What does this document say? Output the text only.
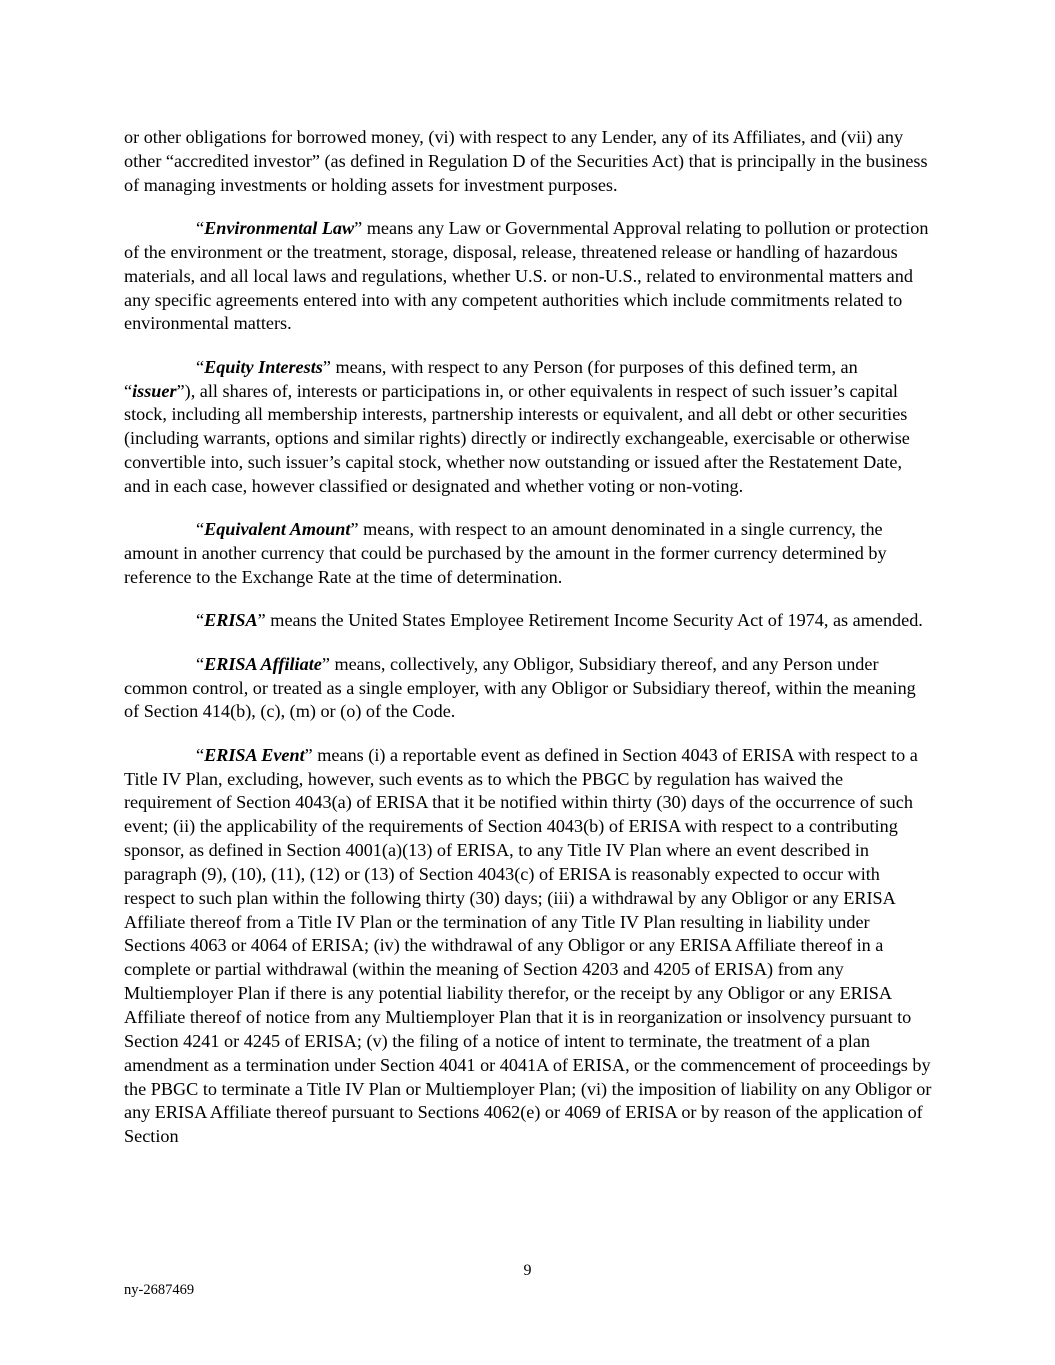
or other obligations for borrowed money, (vi) with respect to any Lender, any of its Affiliates, and (vii) any other “accredited investor” (as defined in Regulation D of the Securities Act) that is principally in the business of managing investments or holding assets for investment purposes.

“Environmental Law” means any Law or Governmental Approval relating to pollution or protection of the environment or the treatment, storage, disposal, release, threatened release or handling of hazardous materials, and all local laws and regulations, whether U.S. or non-U.S., related to environmental matters and any specific agreements entered into with any competent authorities which include commitments related to environmental matters.

“Equity Interests” means, with respect to any Person (for purposes of this defined term, an “issuer”), all shares of, interests or participations in, or other equivalents in respect of such issuer’s capital stock, including all membership interests, partnership interests or equivalent, and all debt or other securities (including warrants, options and similar rights) directly or indirectly exchangeable, exercisable or otherwise convertible into, such issuer’s capital stock, whether now outstanding or issued after the Restatement Date, and in each case, however classified or designated and whether voting or non-voting.

“Equivalent Amount” means, with respect to an amount denominated in a single currency, the amount in another currency that could be purchased by the amount in the former currency determined by reference to the Exchange Rate at the time of determination.

“ERISA” means the United States Employee Retirement Income Security Act of 1974, as amended.

“ERISA Affiliate” means, collectively, any Obligor, Subsidiary thereof, and any Person under common control, or treated as a single employer, with any Obligor or Subsidiary thereof, within the meaning of Section 414(b), (c), (m) or (o) of the Code.

“ERISA Event” means (i) a reportable event as defined in Section 4043 of ERISA with respect to a Title IV Plan, excluding, however, such events as to which the PBGC by regulation has waived the requirement of Section 4043(a) of ERISA that it be notified within thirty (30) days of the occurrence of such event; (ii) the applicability of the requirements of Section 4043(b) of ERISA with respect to a contributing sponsor, as defined in Section 4001(a)(13) of ERISA, to any Title IV Plan where an event described in paragraph (9), (10), (11), (12) or (13) of Section 4043(c) of ERISA is reasonably expected to occur with respect to such plan within the following thirty (30) days; (iii) a withdrawal by any Obligor or any ERISA Affiliate thereof from a Title IV Plan or the termination of any Title IV Plan resulting in liability under Sections 4063 or 4064 of ERISA; (iv) the withdrawal of any Obligor or any ERISA Affiliate thereof in a complete or partial withdrawal (within the meaning of Section 4203 and 4205 of ERISA) from any Multiemployer Plan if there is any potential liability therefor, or the receipt by any Obligor or any ERISA Affiliate thereof of notice from any Multiemployer Plan that it is in reorganization or insolvency pursuant to Section 4241 or 4245 of ERISA; (v) the filing of a notice of intent to terminate, the treatment of a plan amendment as a termination under Section 4041 or 4041A of ERISA, or the commencement of proceedings by the PBGC to terminate a Title IV Plan or Multiemployer Plan; (vi) the imposition of liability on any Obligor or any ERISA Affiliate thereof pursuant to Sections 4062(e) or 4069 of ERISA or by reason of the application of Section

9
ny-2687469
